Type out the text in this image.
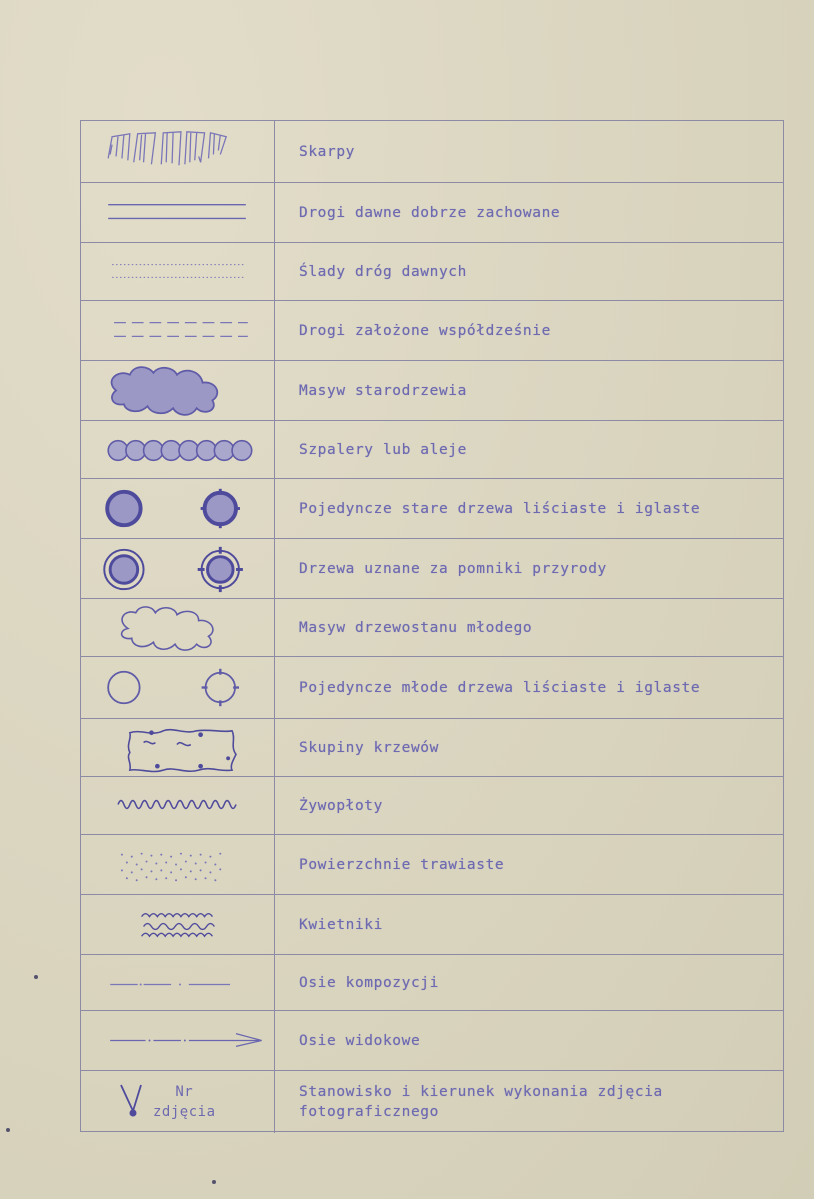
Skarpy
Drogi dawne dobrze zachowane
Ślady dróg dawnych
Drogi założone współdześnie
Masyw starodrzewia
Szpalery lub aleje
Pojedyncze stare drzewa liściaste i iglaste
Drzewa uznane za pomniki przyrody
Masyw drzewostanu młodego
Pojedyncze młode drzewa liściaste i iglaste
Skupiny krzewów
Żywopłoty
Powierzchnie trawiaste
Kwietniki
Osie kompozycji
Osie widokowe
Nr
zdjęcia
Stanowisko i kierunek wykonania zdjęcia fotograficznego
